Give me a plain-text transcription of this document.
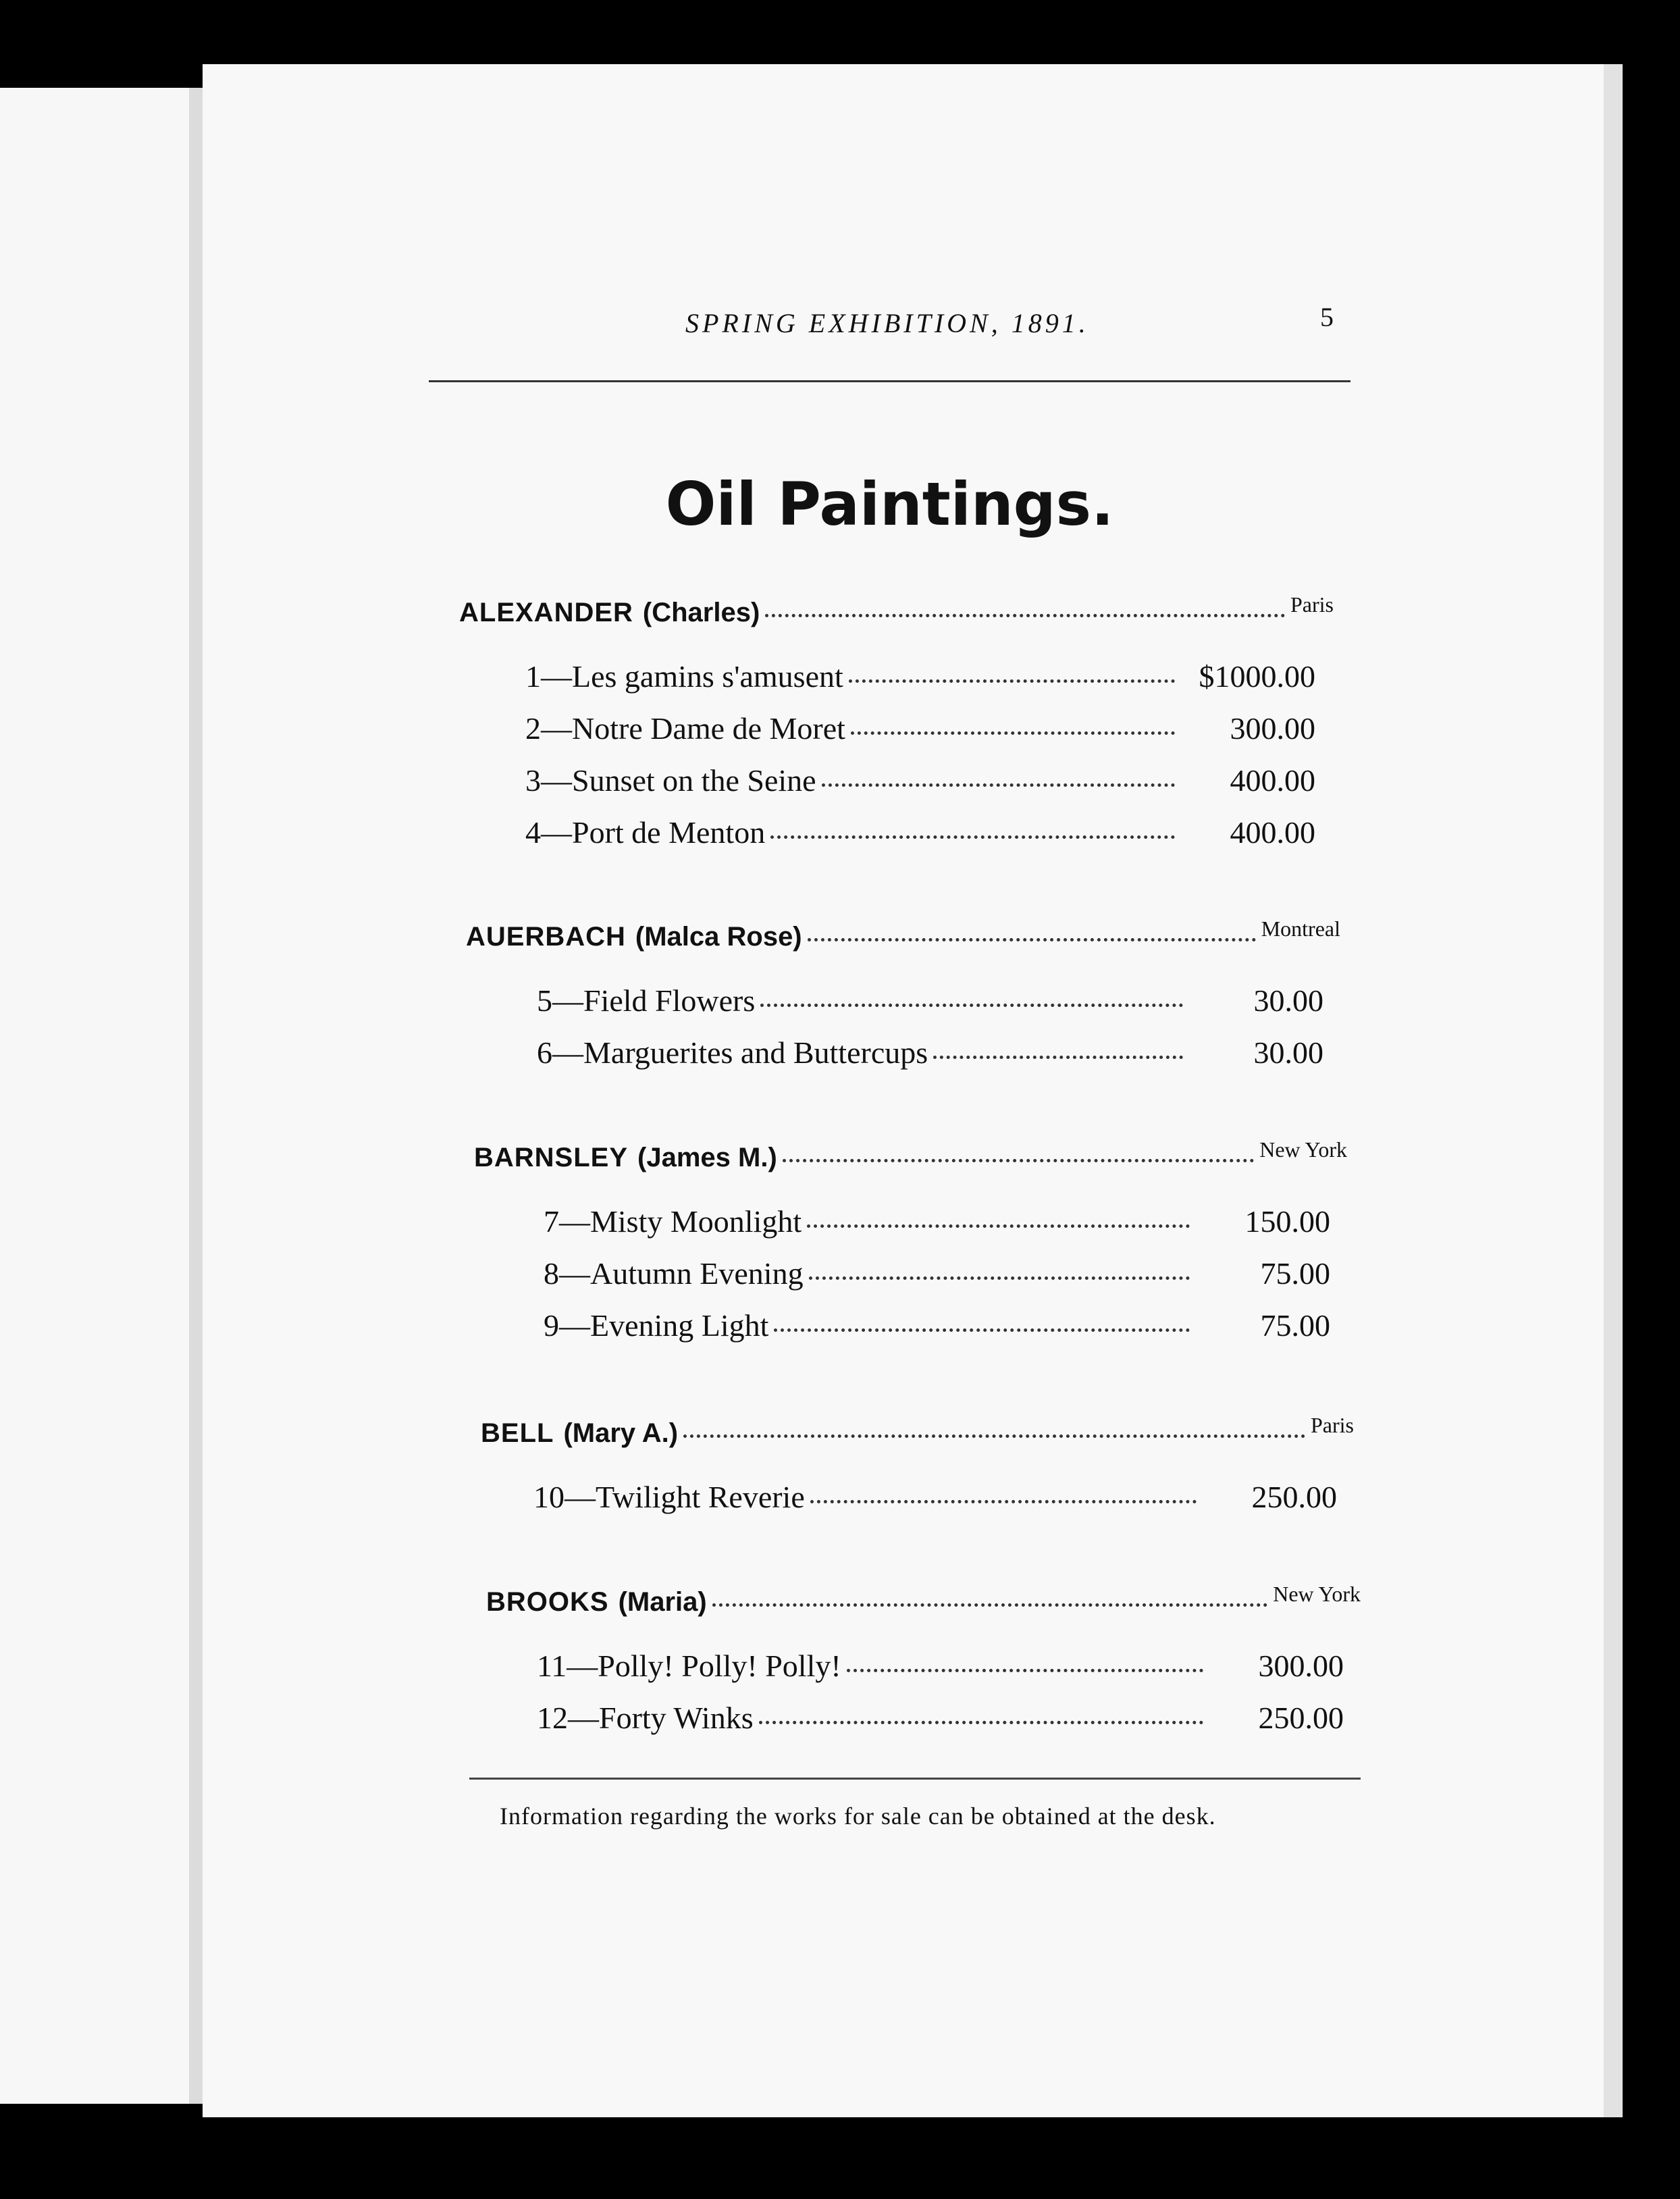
SPRING EXHIBITION, 1891.	5
Oil Paintings.
ALEXANDER (Charles)	Paris
1—Les gamins s'amusent	$1000.00
2—Notre Dame de Moret	300.00
3—Sunset on the Seine	400.00
4—Port de Menton	400.00
AUERBACH (Malca Rose)	Montreal
5—Field Flowers	30.00
6—Marguerites and Buttercups	30.00
BARNSLEY (James M.)	New York
7—Misty Moonlight	150.00
8—Autumn Evening	75.00
9—Evening Light	75.00
BELL (Mary A.)	Paris
10—Twilight Reverie	250.00
BROOKS (Maria)	New York
11—Polly! Polly! Polly!	300.00
12—Forty Winks	250.00
Information regarding the works for sale can be obtained at the desk.
